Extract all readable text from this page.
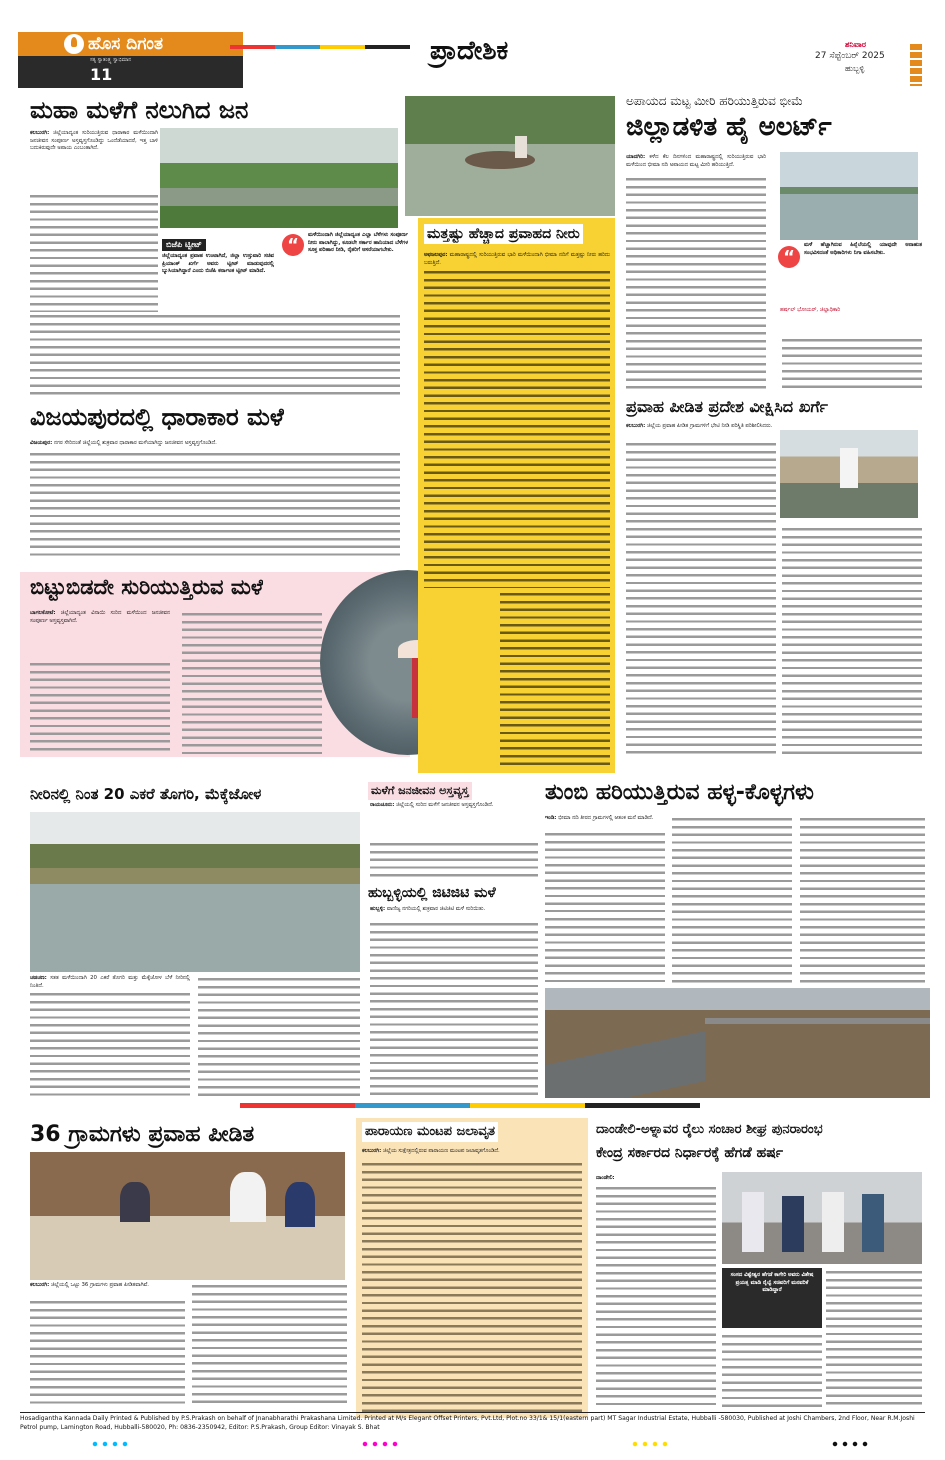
ಹೊಸ ದಿಗಂತ
ಸತ್ಯ ಸ್ವಾತಂತ್ರ್ಯ ಸ್ವಾಭಿಮಾನ
11
ಪ್ರಾದೇಶಿಕ	ಶನಿವಾರ
27 ಸೆಪ್ಟೆಂಬರ್ 2025
ಹುಬ್ಬಳ್ಳಿ
ಮಹಾ ಮಳೆಗೆ ನಲುಗಿದ ಜನ
ಕಲಬುರಗಿ: ಜಿಲ್ಲೆಯಾದ್ಯಂತ ಸುರಿಯುತ್ತಿರುವ ಧಾರಾಕಾರ ಮಳೆಯಿಂದಾಗಿ ಜನಜೀವನ ಸಂಪೂರ್ಣ ಅಸ್ತವ್ಯಸ್ತಗೊಂಡಿದ್ದು ಒಂದೆಡೆಯಾದರೆ, ಇತ್ತ ಬಾಳಿ ಬದುಕಿರುವುದೇ ಅಪಾಯ ಎಂಬಂತಾಗಿದೆ.
ಬಿಜೆಪಿ ಟ್ವೀಟ್
ಜಿಲ್ಲೆಯಾದ್ಯಂತ ಪ್ರವಾಹ ಉಂಟಾಗಿದೆ, ಜಿಲ್ಲಾ ಉಸ್ತುವಾರಿ ಸಚಿವ ಪ್ರಿಯಾಂಕ್ ಖರ್ಗೆ ಅವರು ಟ್ವೀಟ್ ಮಾಡುವುದರಲ್ಲಿ ಬ್ಯುಸಿಯಾಗಿದ್ದಾರೆ ಎಂದು ಬಿಜೆಪಿ ಕರ್ನಾಟಕ ಟ್ವೀಟ್ ಮಾಡಿದೆ.
“	ಮಳೆಯಿಂದಾಗಿ ಜಿಲ್ಲೆಯಾದ್ಯಂತ ಎಲ್ಲಾ ಬೆಳೆಗಳು ಸಂಪೂರ್ಣ ನೀರು ಪಾಲಾಗಿದ್ದು, ಕೂಡಲೇ ಸರ್ಕಾರ ಹಾನಿಯಾದ ಬೆಳೆಗಳ ಸೂಕ್ತ ಪರಿಹಾರ ನೀಡಿ, ರೈತರಿಗೆ ಆಸರೆಯಾಗಬೇಕು.
ವಿಜಯಪುರದಲ್ಲಿ ಧಾರಾಕಾರ ಮಳೆ
ವಿಜಯಪುರ: ನಗರ ಸೇರಿದಂತೆ ಜಿಲ್ಲೆಯಲ್ಲಿ ಶುಕ್ರವಾರ ಧಾರಾಕಾರ ಮಳೆಯಾಗಿದ್ದು ಜನಜೀವನ ಅಸ್ತವ್ಯಸ್ತಗೊಂಡಿದೆ.
ಬಿಟ್ಟುಬಿಡದೇ ಸುರಿಯುತ್ತಿರುವ ಮಳೆ
ಬಾಗಲಕೋಟೆ: ಜಿಲ್ಲೆಯಾದ್ಯಂತ ವಿನಾಯಿ ಸುರಿದ ಮಳೆಯಿಂದ ಜನಜೀವನ ಸಂಪೂರ್ಣ ಅಸ್ತವ್ಯಸ್ತವಾಗಿದೆ.
ಮತ್ತಷ್ಟು ಹೆಚ್ಚಾದ ಪ್ರವಾಹದ ನೀರು
ಅಫಜಲಪುರ: ಮಹಾರಾಷ್ಟ್ರದಲ್ಲಿ ಸುರಿಯುತ್ತಿರುವ ಭಾರಿ ಮಳೆಯಿಂದಾಗಿ ಭೀಮಾ ನದಿಗೆ ಮತ್ತಷ್ಟು ನೀರು ಹರಿದು ಬರುತ್ತಿದೆ.
ಅಪಾಯದ ಮಟ್ಟ ಮೀರಿ ಹರಿಯುತ್ತಿರುವ ಭೀಮೆ
ಜಿಲ್ಲಾಡಳಿತ ಹೈ ಅಲರ್ಟ್
ಯಾದಗಿರಿ: ಕಳೆದ ಕೆಲ ದಿನಗಳಿಂದ ಮಹಾರಾಷ್ಟ್ರದಲ್ಲಿ ಸುರಿಯುತ್ತಿರುವ ಭಾರಿ ಮಳೆಯಿಂದ ಭೀಮಾ ನದಿ ಅಪಾಯದ ಮಟ್ಟ ಮೀರಿ ಹರಿಯುತ್ತಿದೆ.
“
ಮಳೆ ಹೆಚ್ಚಾಗಿರುವ ಹಿನ್ನೆಲೆಯಲ್ಲಿ ಯಾವುದೇ ಅನಾಹುತ ಸಂಭವಿಸದಂತೆ ಅಧಿಕಾರಿಗಳು ನಿಗಾ ವಹಿಸಬೇಕು.
ಹರ್ಷಲ್ ಭೋಯರ್, ಜಿಲ್ಲಾಧಿಕಾರಿ
ಪ್ರವಾಹ ಪೀಡಿತ ಪ್ರದೇಶ ವೀಕ್ಷಿಸಿದ ಖರ್ಗೆ
ಕಲಬುರಗಿ: ಜಿಲ್ಲೆಯ ಪ್ರವಾಹ ಪೀಡಿತ ಗ್ರಾಮಗಳಿಗೆ ಭೇಟಿ ನೀಡಿ ಪರಿಸ್ಥಿತಿ ಪರಿಶೀಲಿಸಿದರು.
ತುಂಬಿ ಹರಿಯುತ್ತಿರುವ ಹಳ್ಳ-ಕೊಳ್ಳಗಳು
ಇಂಡಿ: ಭೀಮಾ ನದಿ ತೀರದ ಗ್ರಾಮಗಳಲ್ಲಿ ಆತಂಕ ಮನೆ ಮಾಡಿದೆ.
ನೀರಿನಲ್ಲಿ ನಿಂತ 20 ಎಕರೆ ತೊಗರಿ, ಮೆಕ್ಕೆಜೋಳ
ಚಡಚಣ: ಸತತ ಮಳೆಯಿಂದಾಗಿ 20 ಎಕರೆ ತೊಗರಿ ಮತ್ತು ಮೆಕ್ಕೆಜೋಳ ಬೆಳೆ ನೀರಿನಲ್ಲಿ ನಿಂತಿದೆ.
ಮಳೆಗೆ ಜನಜೀವನ ಅಸ್ತವ್ಯಸ್ತ
ರಾಯಚೂರು: ಜಿಲ್ಲೆಯಲ್ಲಿ ಸುರಿದ ಮಳೆಗೆ ಜನಜೀವನ ಅಸ್ತವ್ಯಸ್ತಗೊಂಡಿದೆ.
ಹುಬ್ಬಳ್ಳಿಯಲ್ಲಿ ಜಿಟಿಜಿಟಿ ಮಳೆ
ಹುಬ್ಬಳ್ಳಿ: ವಾಣಿಜ್ಯ ನಗರಿಯಲ್ಲಿ ಶುಕ್ರವಾರ ಜಿಟಿಜಿಟಿ ಮಳೆ ಸುರಿಯಿತು.
36 ಗ್ರಾಮಗಳು ಪ್ರವಾಹ ಪೀಡಿತ
ಕಲಬುರಗಿ: ಜಿಲ್ಲೆಯಲ್ಲಿ ಒಟ್ಟು 36 ಗ್ರಾಮಗಳು ಪ್ರವಾಹ ಪೀಡಿತವಾಗಿವೆ.
ಪಾರಾಯಣ ಮಂಟಪ ಜಲಾವೃತ
ಕಲಬುರಗಿ: ಜಿಲ್ಲೆಯ ಸುಕ್ಷೇತ್ರದಲ್ಲಿರುವ ಪಾರಾಯಣ ಮಂಟಪ ಜಲಾವೃತಗೊಂಡಿದೆ.
ದಾಂಡೇಲಿ-ಅಳ್ನಾವರ ರೈಲು ಸಂಚಾರ ಶೀಘ್ರ ಪುನರಾರಂಭ
ಕೇಂದ್ರ ಸರ್ಕಾರದ ನಿರ್ಧಾರಕ್ಕೆ ಹೆಗಡೆ ಹರ್ಷ
ದಾಂಡೇಲಿ:
ಸಂಸದ ವಿಶ್ವೇಶ್ವರ ಹೆಗಡೆ ಕಾಗೇರಿ ಅವರು ವಿಶೇಷ ಪ್ರಯತ್ನ ಮಾಡಿ ರೈಲ್ವೆ ಸಚಿವರಿಗೆ ಮನವರಿಕೆ ಮಾಡಿದ್ದಾರೆ
Hosadigantha Kannada Daily Printed & Published by P.S.Prakash on behalf of Jnanabharathi Prakashana Limited. Printed at M/s Elegant Offset Printers, Pvt.Ltd, Plot.no 33/1& 15/1(eastern part) MT Sagar Industrial Estate, Hubballi -580030, Published at Joshi Chambers, 2nd Floor, Near R.M.Joshi Petrol pump, Lamington Road, Hubballi-580020, Ph: 0836-2350942, Editor: P.S.Prakash, Group Editor: Vinayak S. Bhat
